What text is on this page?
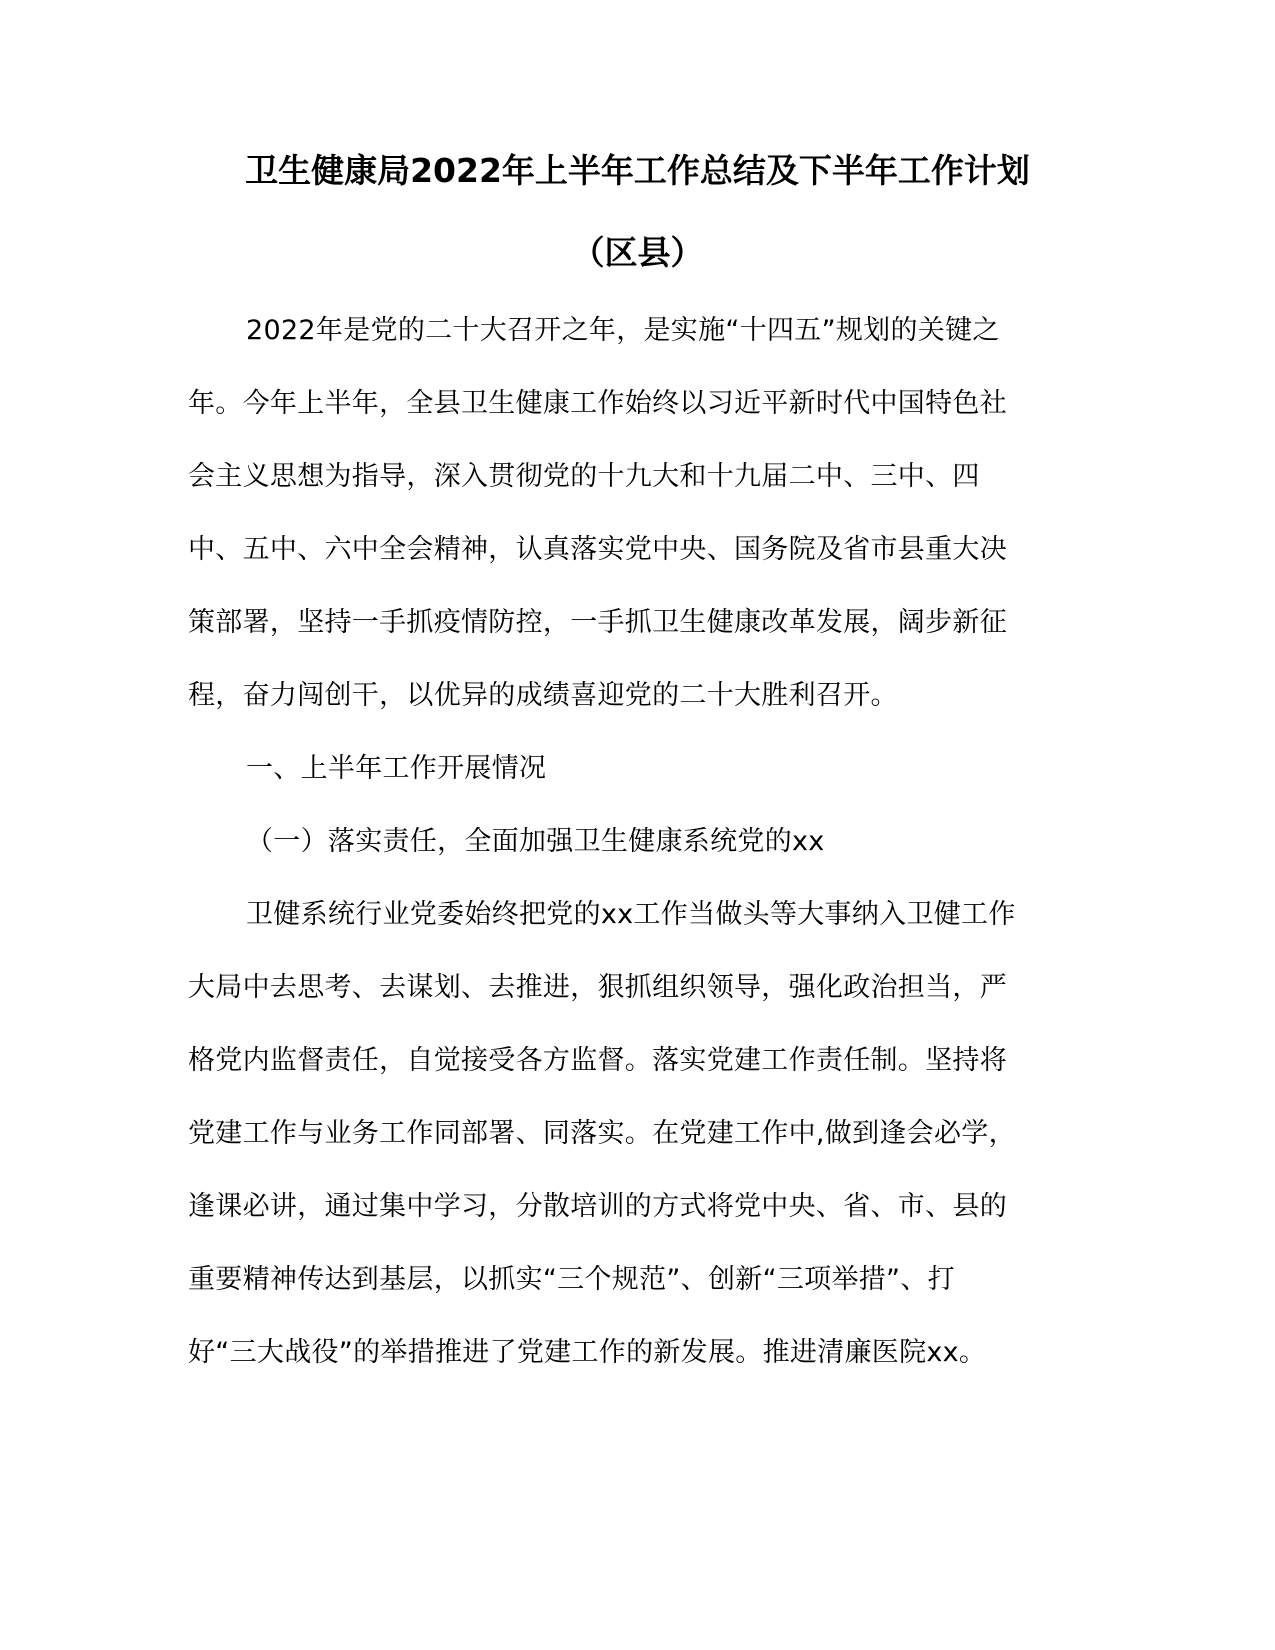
卫生健康局2022年上半年工作总结及下半年工作计划
（区县）
2022年是党的二十大召开之年，是实施“十四五”规划的关键之
年。今年上半年，全县卫生健康工作始终以习近平新时代中国特色社
会主义思想为指导，深入贯彻党的十九大和十九届二中、三中、四
中、五中、六中全会精神，认真落实党中央、国务院及省市县重大决
策部署，坚持一手抓疫情防控，一手抓卫生健康改革发展，阔步新征
程，奋力闯创干，以优异的成绩喜迎党的二十大胜利召开。
一、上半年工作开展情况
（一）落实责任，全面加强卫生健康系统党的xx
卫健系统行业党委始终把党的xx工作当做头等大事纳入卫健工作
大局中去思考、去谋划、去推进，狠抓组织领导，强化政治担当，严
格党内监督责任，自觉接受各方监督。落实党建工作责任制。坚持将
党建工作与业务工作同部署、同落实。在党建工作中,做到逢会必学，
逢课必讲，通过集中学习，分散培训的方式将党中央、省、市、县的
重要精神传达到基层，以抓实“三个规范”、创新“三项举措”、打
好“三大战役”的举措推进了党建工作的新发展。推进清廉医院xx。
